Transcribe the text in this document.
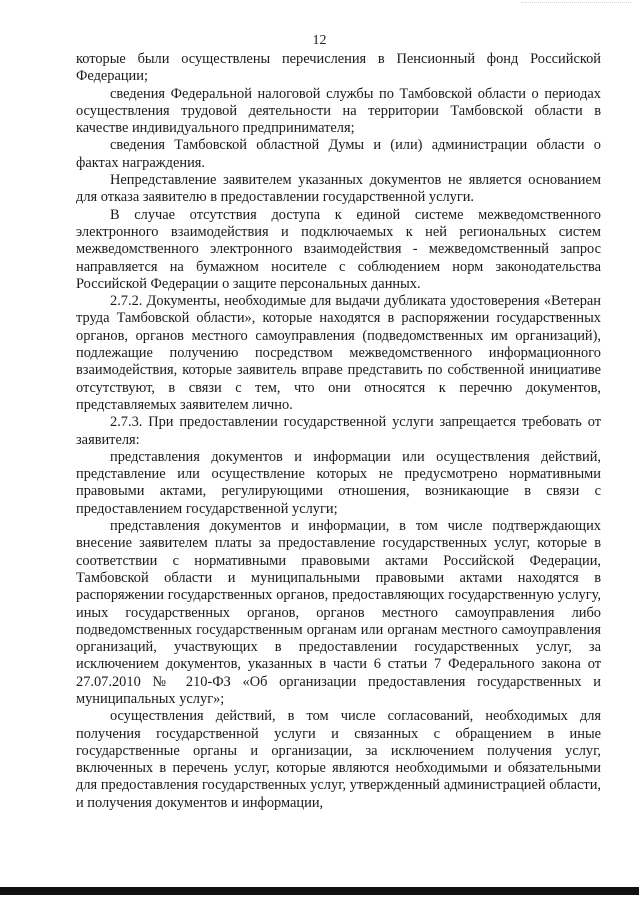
12

которые были осуществлены перечисления в Пенсионный фонд Российской Федерации;

сведения Федеральной налоговой службы по Тамбовской области о периодах осуществления трудовой деятельности на территории Тамбовской области в качестве индивидуального предпринимателя;

сведения Тамбовской областной Думы и (или) администрации области о фактах награждения.

Непредставление заявителем указанных документов не является основанием для отказа заявителю в предоставлении государственной услуги.

В случае отсутствия доступа к единой системе межведомственного электронного взаимодействия и подключаемых к ней региональных систем межведомственного электронного взаимодействия - межведомственный запрос направляется на бумажном носителе с соблюдением норм законодательства Российской Федерации о защите персональных данных.

2.7.2. Документы, необходимые для выдачи дубликата удостоверения «Ветеран труда Тамбовской области», которые находятся в распоряжении государственных органов, органов местного самоуправления (подведомственных им организаций), подлежащие получению посредством межведомственного информационного взаимодействия, которые заявитель вправе представить по собственной инициативе отсутствуют, в связи с тем, что они относятся к перечню документов, представляемых заявителем лично.

2.7.3. При предоставлении государственной услуги запрещается требовать от заявителя:

представления документов и информации или осуществления действий, представление или осуществление которых не предусмотрено нормативными правовыми актами, регулирующими отношения, возникающие в связи с предоставлением государственной услуги;

представления документов и информации, в том числе подтверждающих внесение заявителем платы за предоставление государственных услуг, которые в соответствии с нормативными правовыми актами Российской Федерации, Тамбовской области и муниципальными правовыми актами находятся в распоряжении государственных органов, предоставляющих государственную услугу, иных государственных органов, органов местного самоуправления либо подведомственных государственным органам или органам местного самоуправления организаций, участвующих в предоставлении государственных услуг, за исключением документов, указанных в части 6 статьи 7 Федерального закона от 27.07.2010 № 210-ФЗ «Об организации предоставления государственных и муниципальных услуг»;

осуществления действий, в том числе согласований, необходимых для получения государственной услуги и связанных с обращением в иные государственные органы и организации, за исключением получения услуг, включенных в перечень услуг, которые являются необходимыми и обязательными для предоставления государственных услуг, утвержденный администрацией области, и получения документов и информации,
